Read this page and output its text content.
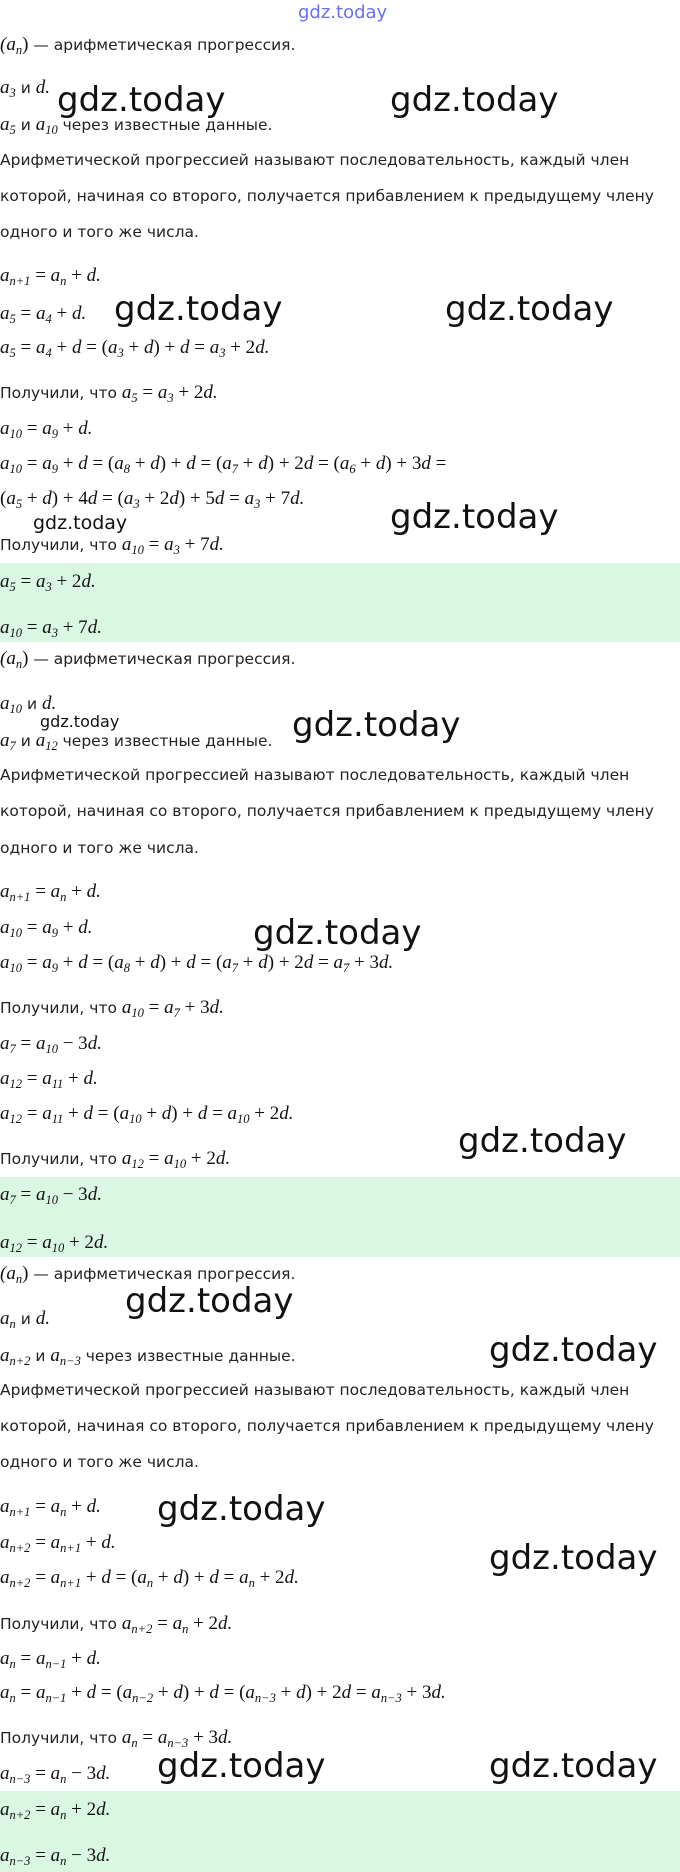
gdz.today
$(a_n)$ — арифметическая прогрессия.
$a_3$ и d.
$a_5$ и $a_{10}$ через известные данные.
Арифметической прогрессией называют последовательность, каждый член
которой, начиная со второго, получается прибавлением к предыдущему члену
одного и того же числа.
$a_{n+1} = a_n + d$.
$a_5 = a_4 + d$.
$a_5 = a_4 + d = (a_3 + d) + d = a_3 + 2d$.
Получили, что $a_5 = a_3 + 2d$.
$a_{10} = a_9 + d$.
$a_{10} = a_9 + d = (a_8 + d) + d = (a_7 + d) + 2d = (a_6 + d) + 3d$ =
$(a_5 + d) + 4d = (a_3 + 2d) + 5d = a_3 + 7d$.
Получили, что $a_{10} = a_3 + 7d$.
$a_5 = a_3 + 2d$.
$a_{10} = a_3 + 7d$.
$(a_n)$ — арифметическая прогрессия.
$a_{10}$ и d.
$a_7$ и $a_{12}$ через известные данные.
Арифметической прогрессией называют последовательность, каждый член
которой, начиная со второго, получается прибавлением к предыдущему члену
одного и того же числа.
$a_{n+1} = a_n + d$.
$a_{10} = a_9 + d$.
$a_{10} = a_9 + d = (a_8 + d) + d = (a_7 + d) + 2d = a_7 + 3d$.
Получили, что $a_{10} = a_7 + 3d$.
$a_7 = a_{10} - 3d$.
$a_{12} = a_{11} + d$.
$a_{12} = a_{11} + d = (a_{10} + d) + d = a_{10} + 2d$.
Получили, что $a_{12} = a_{10} + 2d$.
$a_7 = a_{10} - 3d$.
$a_{12} = a_{10} + 2d$.
$(a_n)$ — арифметическая прогрессия.
$a_n$ и d.
$a_{n+2}$ и $a_{n-3}$ через известные данные.
Арифметической прогрессией называют последовательность, каждый член
которой, начиная со второго, получается прибавлением к предыдущему члену
одного и того же числа.
$a_{n+1} = a_n + d$.
$a_{n+2} = a_{n+1} + d$.
$a_{n+2} = a_{n+1} + d = (a_n + d) + d = a_n + 2d$.
Получили, что $a_{n+2} = a_n + 2d$.
$a_n = a_{n-1} + d$.
$a_n = a_{n-1} + d = (a_{n-2} + d) + d = (a_{n-3} + d) + 2d = a_{n-3} + 3d$.
Получили, что $a_n = a_{n-3} + 3d$.
$a_{n-3} = a_n - 3d$.
$a_{n+2} = a_n + 2d$.
$a_{n-3} = a_n - 3d$.
gdz.today	gdz.today
gdz.today	gdz.today
gdz.today
gdz.today
gdz.today
gdz.today
gdz.today
gdz.today
gdz.today
gdz.today
gdz.today
gdz.today
gdz.today	gdz.today
